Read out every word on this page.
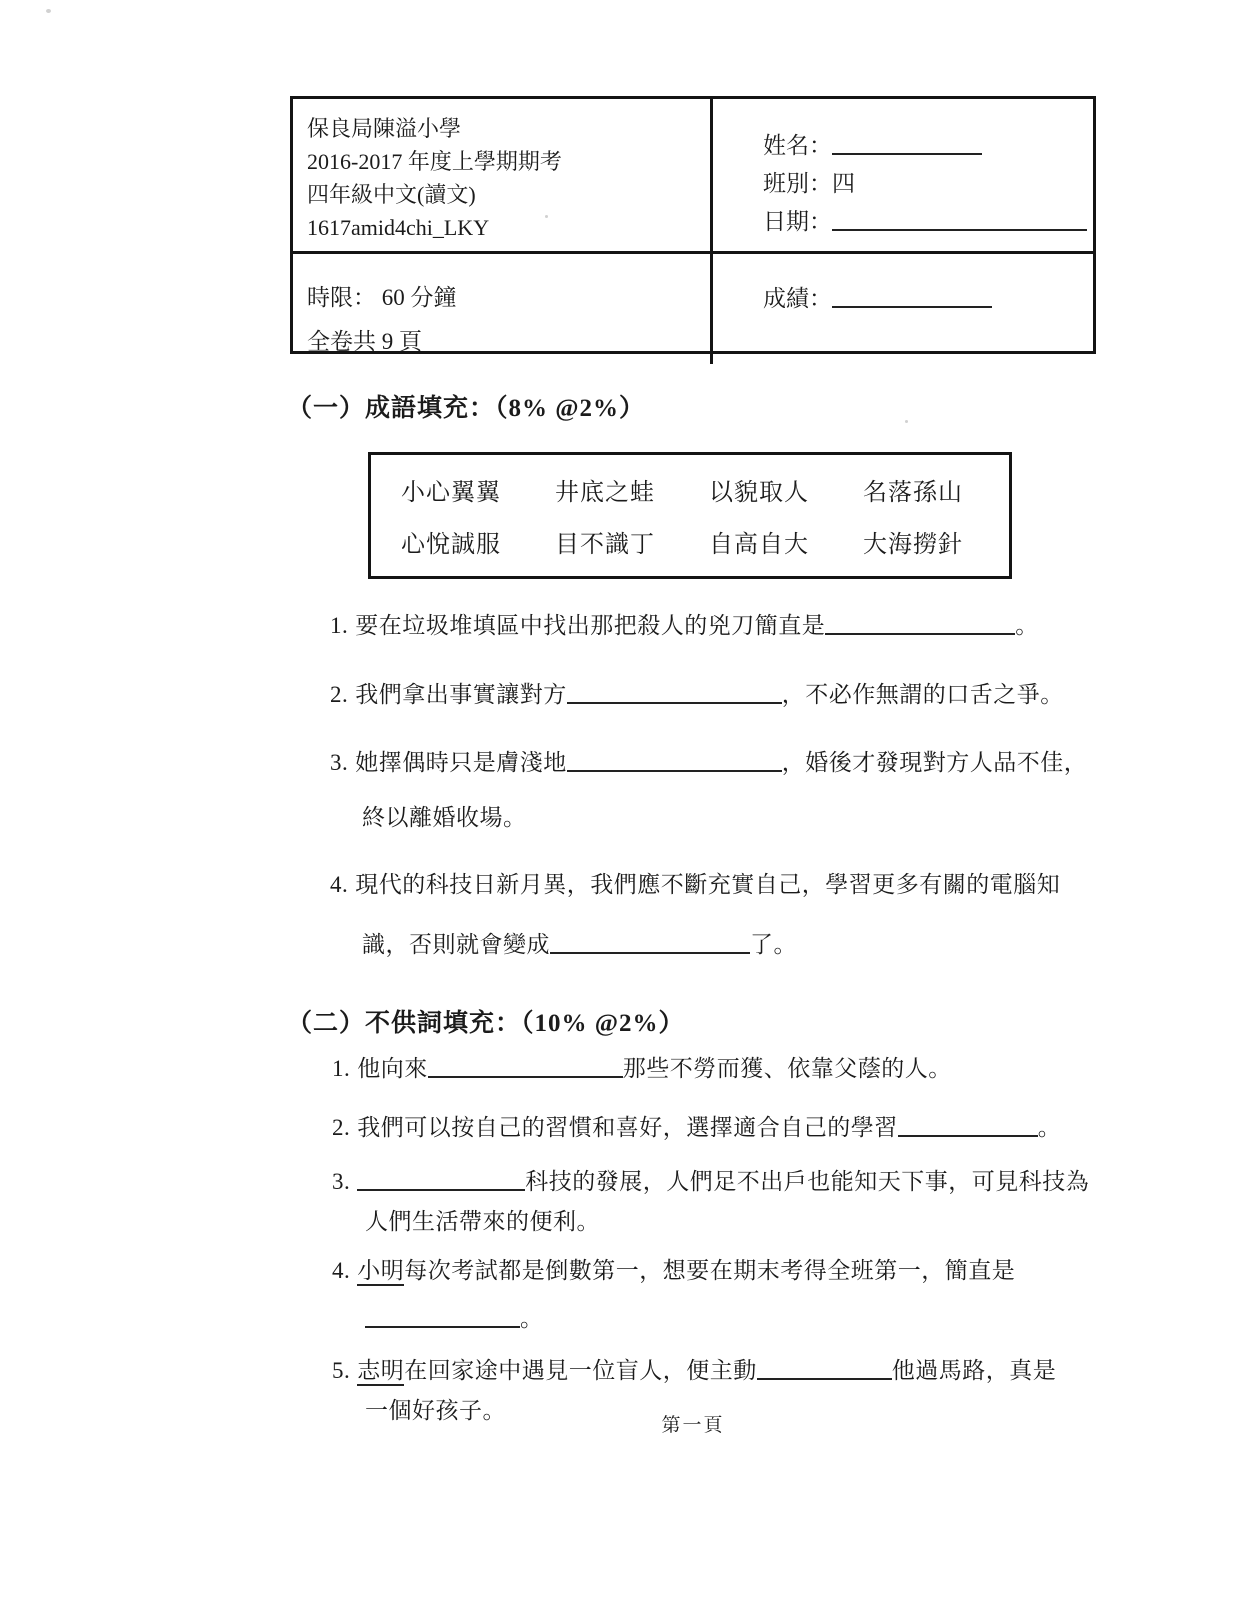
保良局陳溢小學
2016-2017 年度上學期期考
四年級中文(讀文)
1617amid4chi_LKY
姓名：
班別：四
日期：
時限： 60 分鐘
全卷共 9 頁
成績：
（一）成語填充：（8% @2%）
小心翼翼 井底之蛙 以貌取人 名落孫山
心悅誠服 目不識丁 自高自大 大海撈針
1. 要在垃圾堆填區中找出那把殺人的兇刀簡直是	。
2. 我們拿出事實讓對方	，不必作無謂的口舌之爭。
3. 她擇偶時只是膚淺地	，婚後才發現對方人品不佳，
終以離婚收場。
4. 現代的科技日新月異，我們應不斷充實自己，學習更多有關的電腦知
識，否則就會變成	了。
（二）不供詞填充：（10% @2%）
1. 他向來	那些不勞而獲、依靠父蔭的人。
2. 我們可以按自己的習慣和喜好，選擇適合自己的學習	。
3.	科技的發展，人們足不出戶也能知天下事，可見科技為
人們生活帶來的便利。
4. 小明每次考試都是倒數第一，想要在期末考得全班第一，簡直是
。
5. 志明在回家途中遇見一位盲人，便主動	他過馬路，真是
一個好孩子。
第一頁
